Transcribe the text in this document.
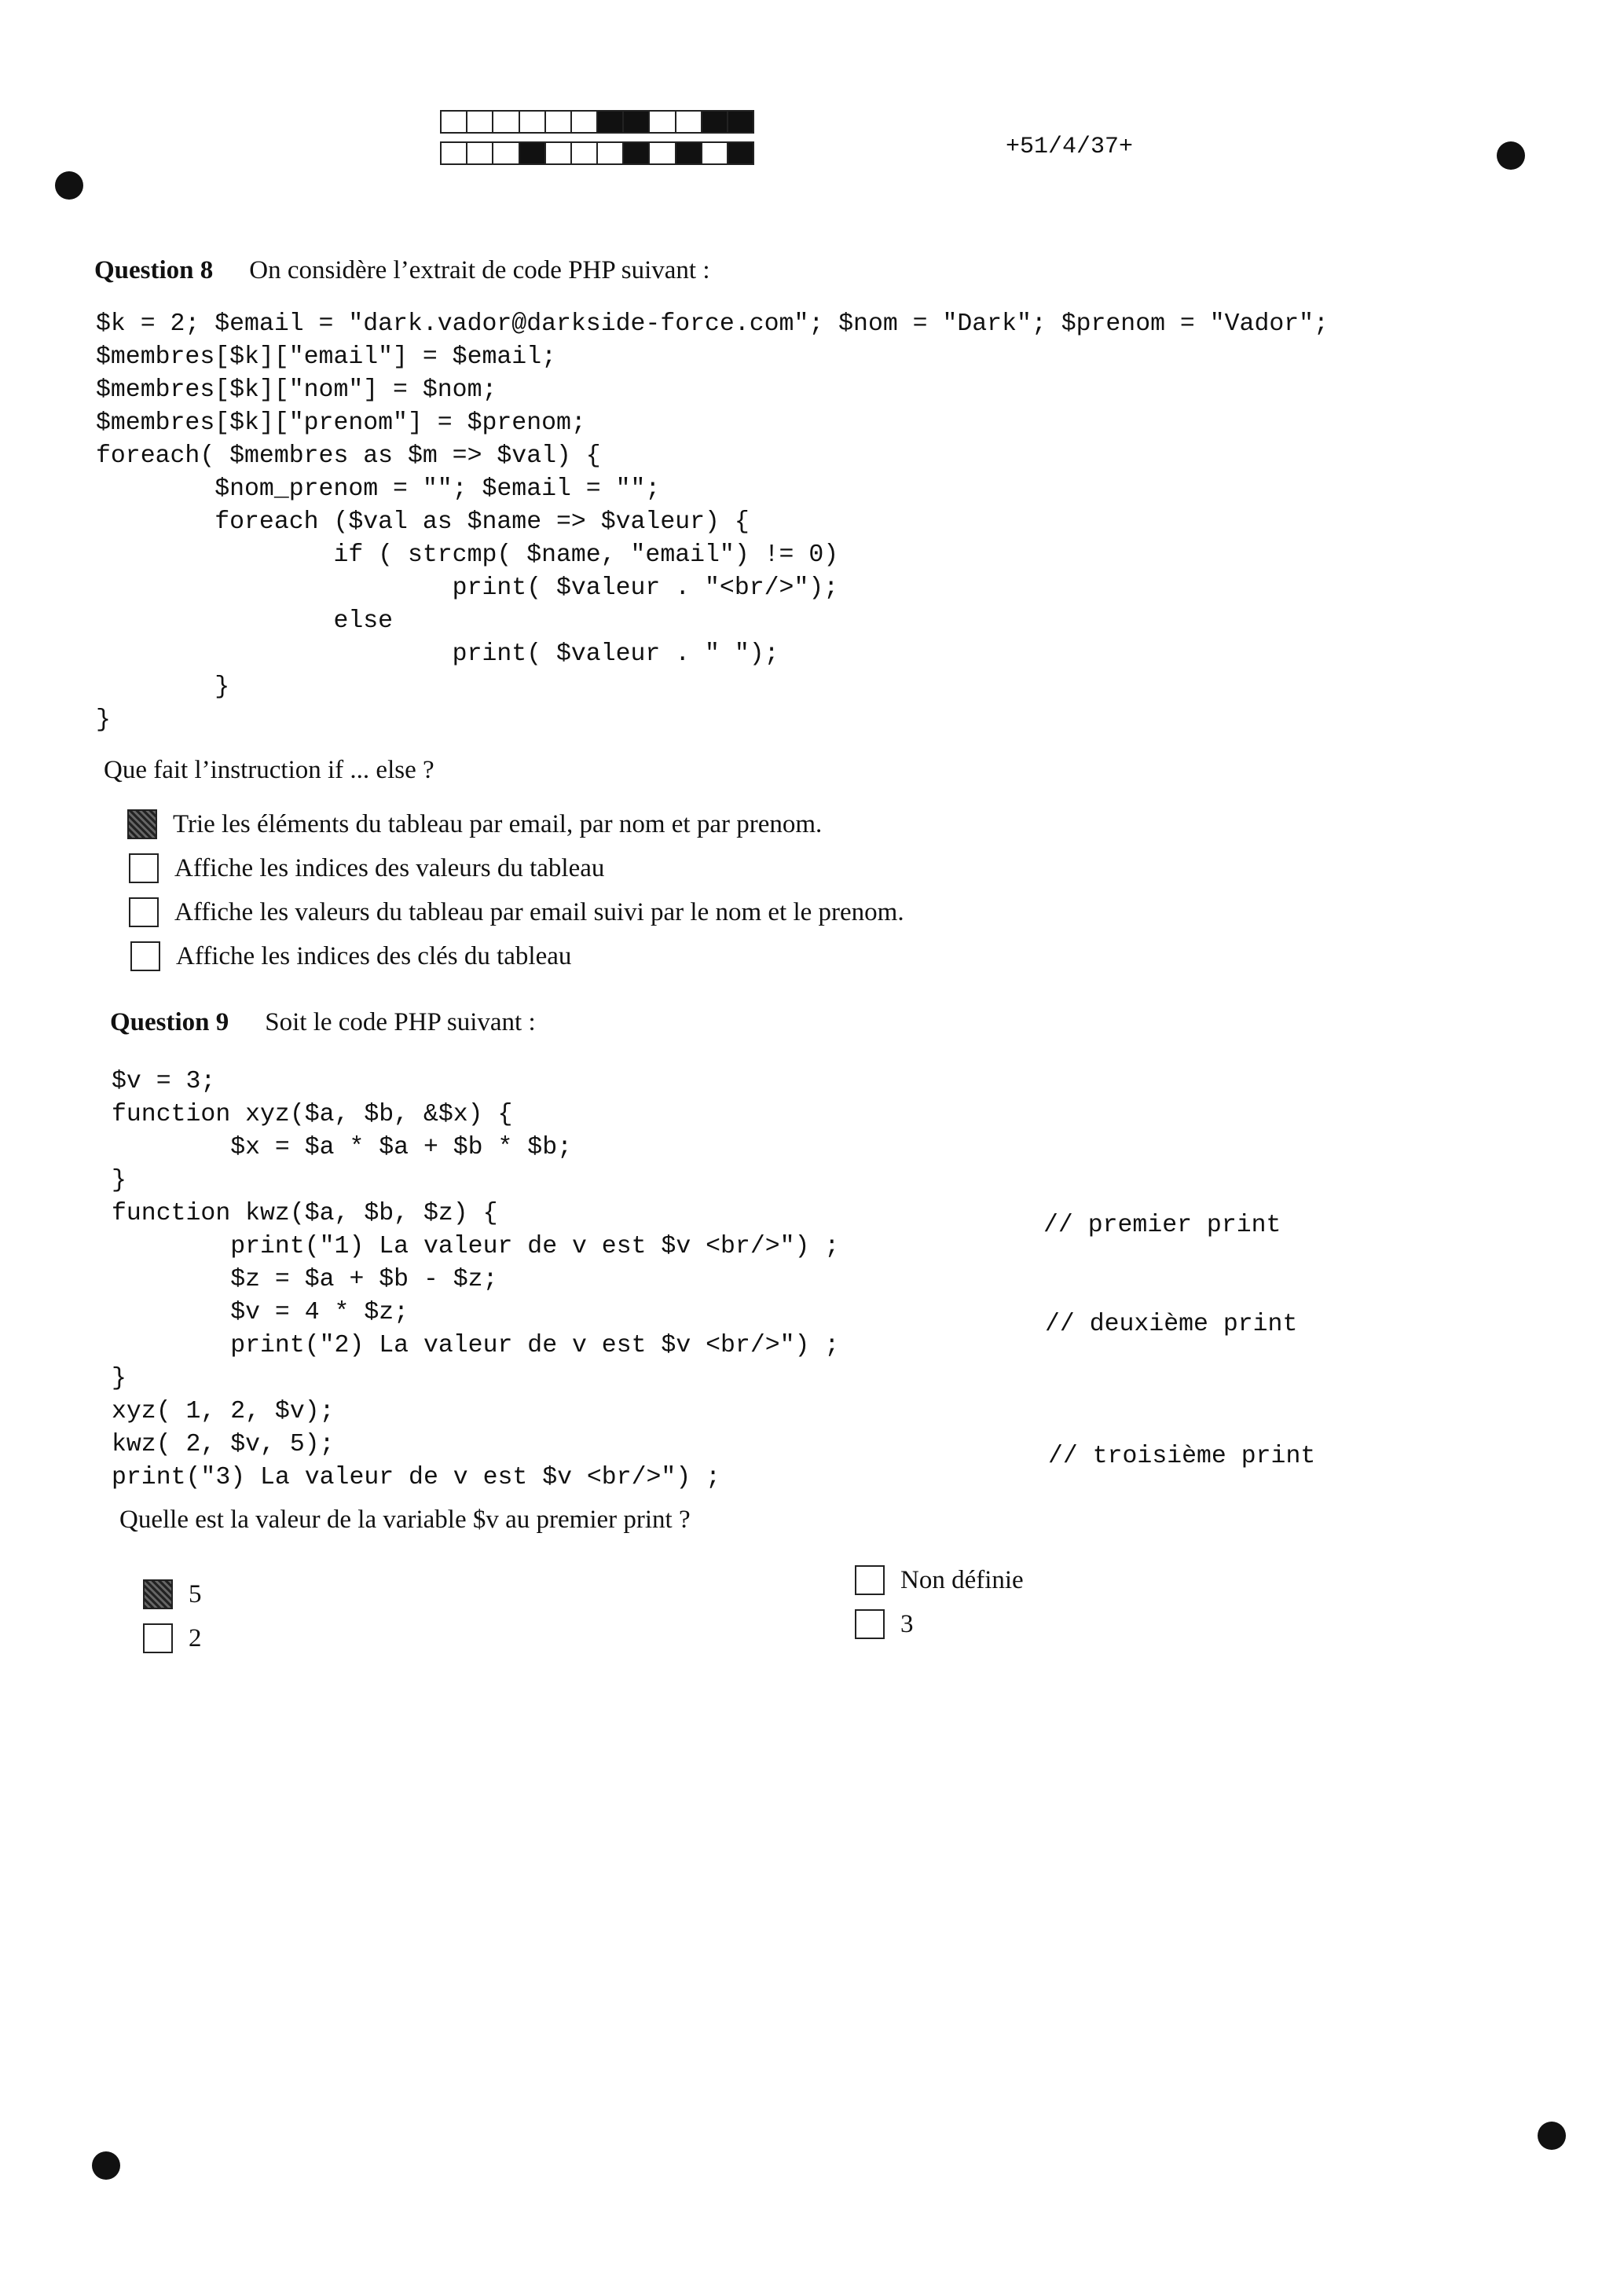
+51/4/37+
Question 8 On considère l’extrait de code PHP suivant :
$k = 2; $email = "dark.vador@darkside-force.com"; $nom = "Dark"; $prenom = "Vador";
$membres[$k]["email"] = $email;
$membres[$k]["nom"] = $nom;
$membres[$k]["prenom"] = $prenom;
foreach( $membres as $m => $val) {
$nom_prenom = ""; $email = "";
foreach ($val as $name => $valeur) {
if ( strcmp( $name, "email") != 0)
print( $valeur . "<br/>");
else
print( $valeur . " ");
}
}
Que fait l’instruction if ... else ?
Trie les éléments du tableau par email, par nom et par prenom.
Affiche les indices des valeurs du tableau
Affiche les valeurs du tableau par email suivi par le nom et le prenom.
Affiche les indices des clés du tableau
Question 9 Soit le code PHP suivant :
$v = 3;
function xyz($a, $b, &$x) {
$x = $a * $a + $b * $b;
}
function kwz($a, $b, $z) {
print("1) La valeur de v est $v <br/>") ;
$z = $a + $b - $z;
$v = 4 * $z;
print("2) La valeur de v est $v <br/>") ;
}
xyz( 1, 2, $v);
kwz( 2, $v, 5);
print("3) La valeur de v est $v <br/>") ;
// premier print
// deuxième print
// troisième print
Quelle est la valeur de la variable $v au premier print ?
5
2
Non définie
3
